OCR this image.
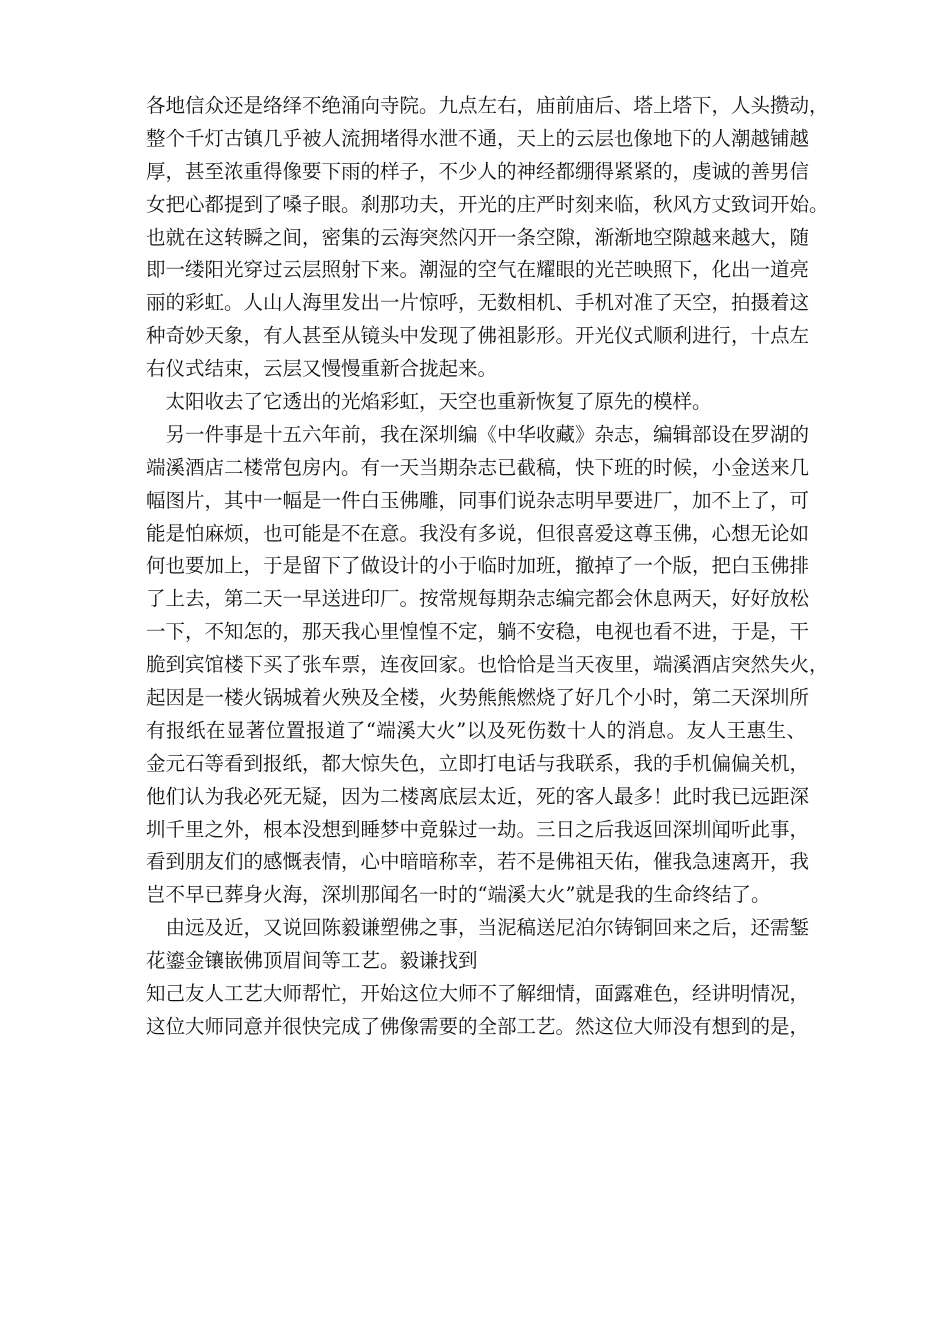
各地信众还是络绎不绝涌向寺院。九点左右，庙前庙后、塔上塔下，人头攒动，
整个千灯古镇几乎被人流拥堵得水泄不通，天上的云层也像地下的人潮越铺越
厚，甚至浓重得像要下雨的样子，不少人的神经都绷得紧紧的，虔诚的善男信
女把心都提到了嗓子眼。刹那功夫，开光的庄严时刻来临，秋风方丈致词开始。
也就在这转瞬之间，密集的云海突然闪开一条空隙，渐渐地空隙越来越大，随
即一缕阳光穿过云层照射下来。潮湿的空气在耀眼的光芒映照下，化出一道亮
丽的彩虹。人山人海里发出一片惊呼，无数相机、手机对准了天空，拍摄着这
种奇妙天象，有人甚至从镜头中发现了佛祖影形。开光仪式顺利进行，十点左
右仪式结束，云层又慢慢重新合拢起来。
　太阳收去了它透出的光焰彩虹，天空也重新恢复了原先的模样。
　另一件事是十五六年前，我在深圳编《中华收藏》杂志，编辑部设在罗湖的
端溪酒店二楼常包房内。有一天当期杂志已截稿，快下班的时候，小金送来几
幅图片，其中一幅是一件白玉佛雕，同事们说杂志明早要进厂，加不上了，可
能是怕麻烦，也可能是不在意。我没有多说，但很喜爱这尊玉佛，心想无论如
何也要加上，于是留下了做设计的小于临时加班，撤掉了一个版，把白玉佛排
了上去，第二天一早送进印厂。按常规每期杂志编完都会休息两天，好好放松
一下，不知怎的，那天我心里惶惶不定，躺不安稳，电视也看不进，于是，干
脆到宾馆楼下买了张车票，连夜回家。也恰恰是当天夜里，端溪酒店突然失火，
起因是一楼火锅城着火殃及全楼，火势熊熊燃烧了好几个小时，第二天深圳所
有报纸在显著位置报道了“端溪大火”以及死伤数十人的消息。友人王惠生、
金元石等看到报纸，都大惊失色，立即打电话与我联系，我的手机偏偏关机，
他们认为我必死无疑，因为二楼离底层太近，死的客人最多！此时我已远距深
圳千里之外，根本没想到睡梦中竟躲过一劫。三日之后我返回深圳闻听此事，
看到朋友们的感慨表情，心中暗暗称幸，若不是佛祖天佑，催我急速离开，我
岂不早已葬身火海，深圳那闻名一时的“端溪大火”就是我的生命终结了。
　由远及近，又说回陈毅谦塑佛之事，当泥稿送尼泊尔铸铜回来之后，还需錾
花鎏金镶嵌佛顶眉间等工艺。毅谦找到
知己友人工艺大师帮忙，开始这位大师不了解细情，面露难色，经讲明情况，
这位大师同意并很快完成了佛像需要的全部工艺。然这位大师没有想到的是，
